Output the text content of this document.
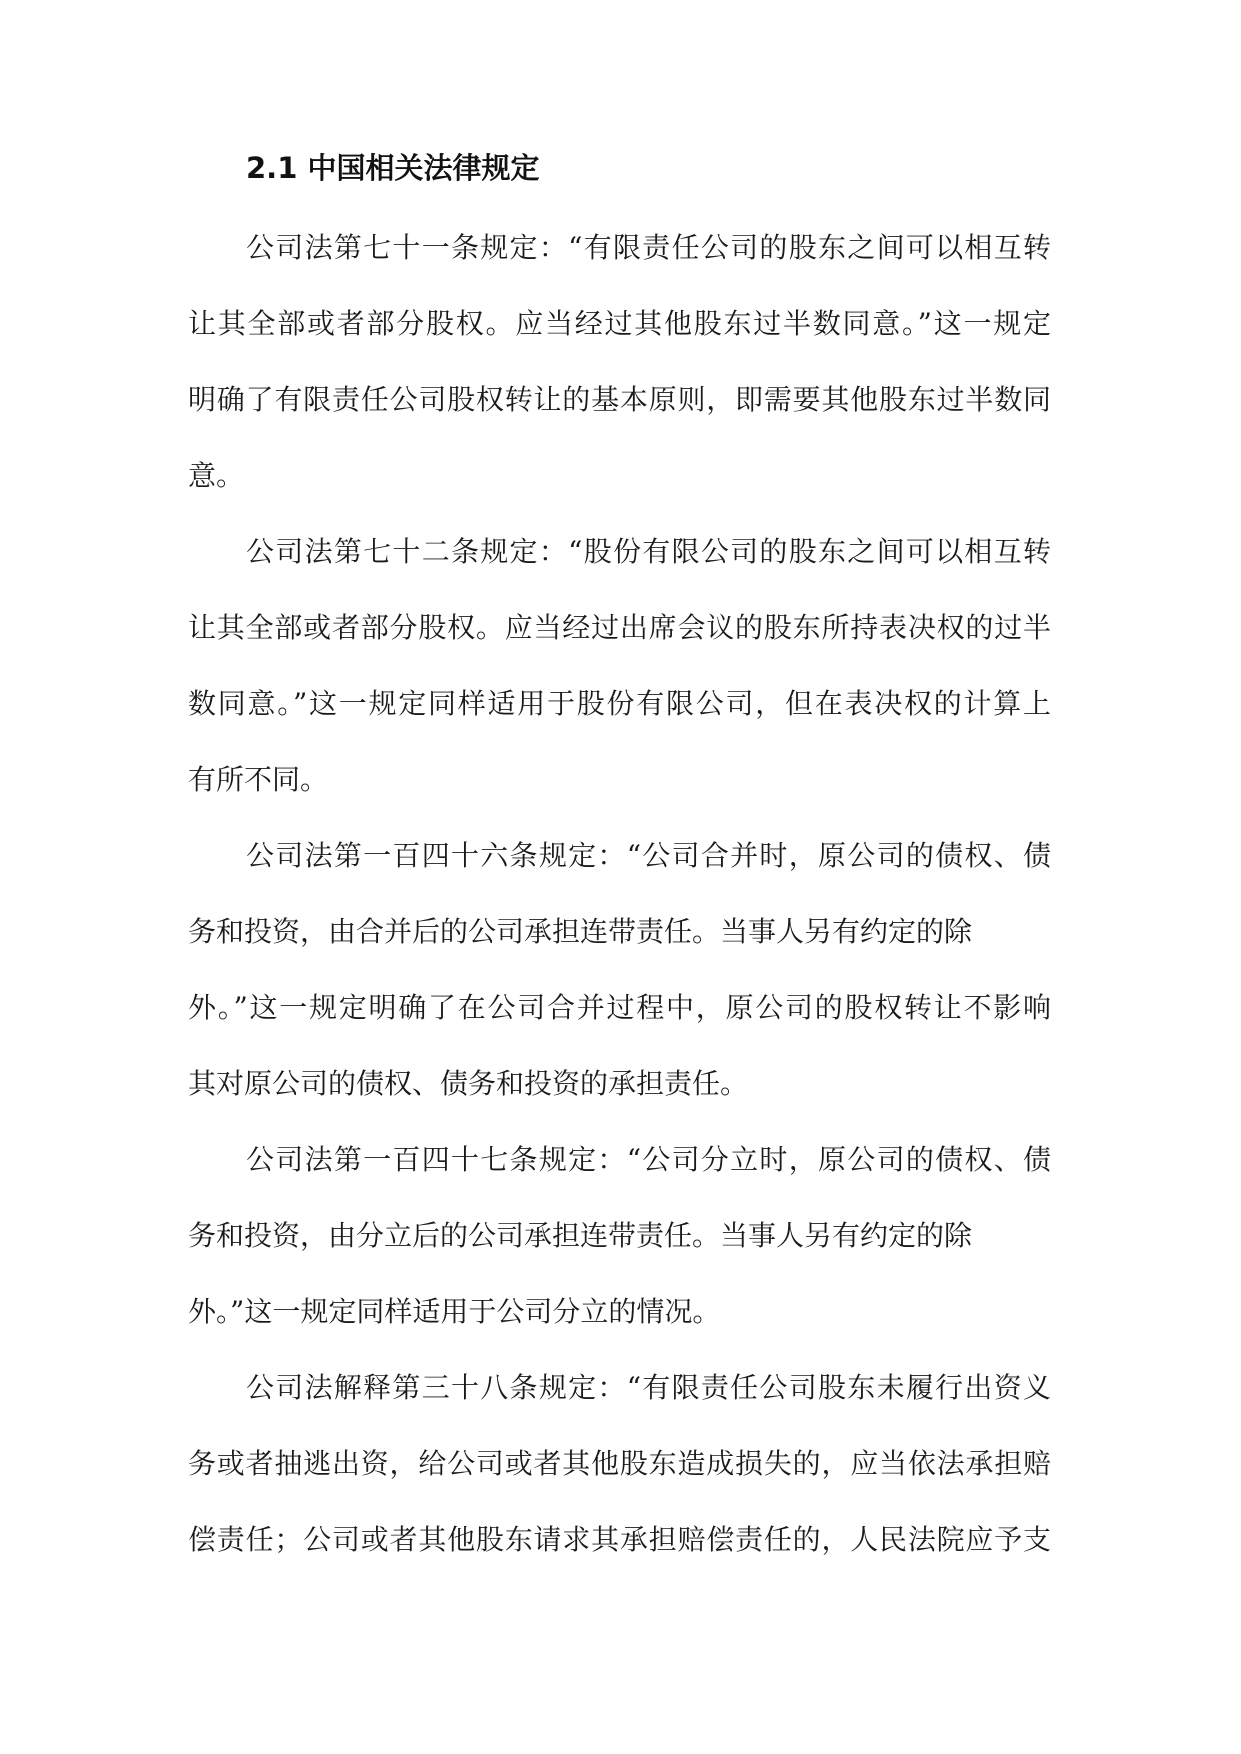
2.1 中国相关法律规定
公司法第七十一条规定：“有限责任公司的股东之间可以相互转
让其全部或者部分股权。应当经过其他股东过半数同意。”这一规定
明确了有限责任公司股权转让的基本原则，即需要其他股东过半数同
意。
公司法第七十二条规定：“股份有限公司的股东之间可以相互转
让其全部或者部分股权。应当经过出席会议的股东所持表决权的过半
数同意。”这一规定同样适用于股份有限公司，但在表决权的计算上
有所不同。
公司法第一百四十六条规定：“公司合并时，原公司的债权、债
务和投资，由合并后的公司承担连带责任。当事人另有约定的除
外。”这一规定明确了在公司合并过程中，原公司的股权转让不影响
其对原公司的债权、债务和投资的承担责任。
公司法第一百四十七条规定：“公司分立时，原公司的债权、债
务和投资，由分立后的公司承担连带责任。当事人另有约定的除
外。”这一规定同样适用于公司分立的情况。
公司法解释第三十八条规定：“有限责任公司股东未履行出资义
务或者抽逃出资，给公司或者其他股东造成损失的，应当依法承担赔
偿责任；公司或者其他股东请求其承担赔偿责任的，人民法院应予支
